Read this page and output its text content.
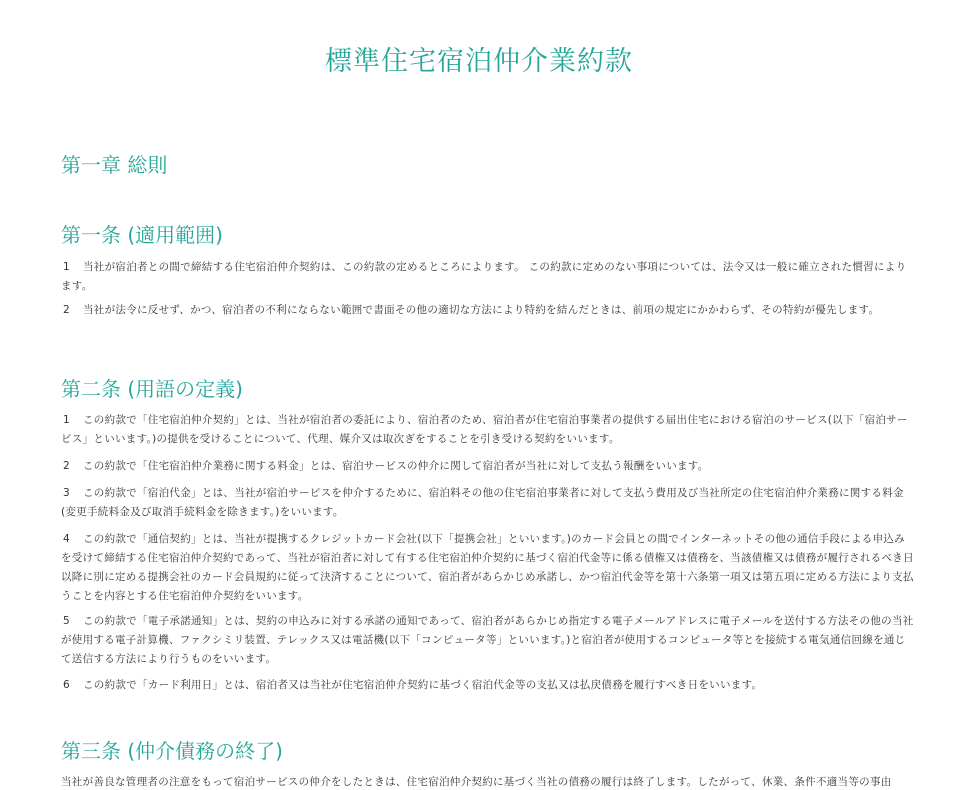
標準住宅宿泊仲介業約款
第一章 総則
第一条 (適用範囲)

1 当社が宿泊者との間で締結する住宅宿泊仲介契約は、この約款の定めるところによります。 この約款に定めのない事項については、法令又は一般に確立された慣習によります。

2 当社が法令に反せず、かつ、宿泊者の不利にならない範囲で書面その他の適切な方法により特約を結んだときは、前項の規定にかかわらず、その特約が優先します。

第二条 (用語の定義)

1 この約款で「住宅宿泊仲介契約」とは、当社が宿泊者の委託により、宿泊者のため、宿泊者が住宅宿泊事業者の提供する届出住宅における宿泊のサービス(以下「宿泊サービス」といいます。)の提供を受けることについて、代理、媒介又は取次ぎをすることを引き受ける契約をいいます。

2 この約款で「住宅宿泊仲介業務に関する料金」とは、宿泊サービスの仲介に関して宿泊者が当社に対して支払う報酬をいいます。

3 この約款で「宿泊代金」とは、当社が宿泊サービスを仲介するために、宿泊料その他の住宅宿泊事業者に対して支払う費用及び当社所定の住宅宿泊仲介業務に関する料金(変更手続料金及び取消手続料金を除きます。)をいいます。

4 この約款で「通信契約」とは、当社が提携するクレジットカード会社(以下「提携会社」といいます。)のカード会員との間でインターネットその他の通信手段による申込みを受けて締結する住宅宿泊仲介契約であって、当社が宿泊者に対して有する住宅宿泊仲介契約に基づく宿泊代金等に係る債権又は債務を、当該債権又は債務が履行されるべき日以降に別に定める提携会社のカード会員規約に従って決済することについて、宿泊者があらかじめ承諾し、かつ宿泊代金等を第十六条第一項又は第五項に定める方法により支払うことを内容とする住宅宿泊仲介契約をいいます。

5 この約款で「電子承諾通知」とは、契約の申込みに対する承諾の通知であって、宿泊者があらかじめ指定する電子メールアドレスに電子メールを送付する方法その他の当社が使用する電子計算機、ファクシミリ装置、テレックス又は電話機(以下「コンピュータ等」といいます。)と宿泊者が使用するコンピュータ等とを接続する電気通信回線を通じて送信する方法により行うものをいいます。

6 この約款で「カード利用日」とは、宿泊者又は当社が住宅宿泊仲介契約に基づく宿泊代金等の支払又は払戻債務を履行すべき日をいいます。

第三条 (仲介債務の終了)

当社が善良な管理者の注意をもって宿泊サービスの仲介をしたときは、住宅宿泊仲介契約に基づく当社の債務の履行は終了します。したがって、休業、条件不適当等の事由
